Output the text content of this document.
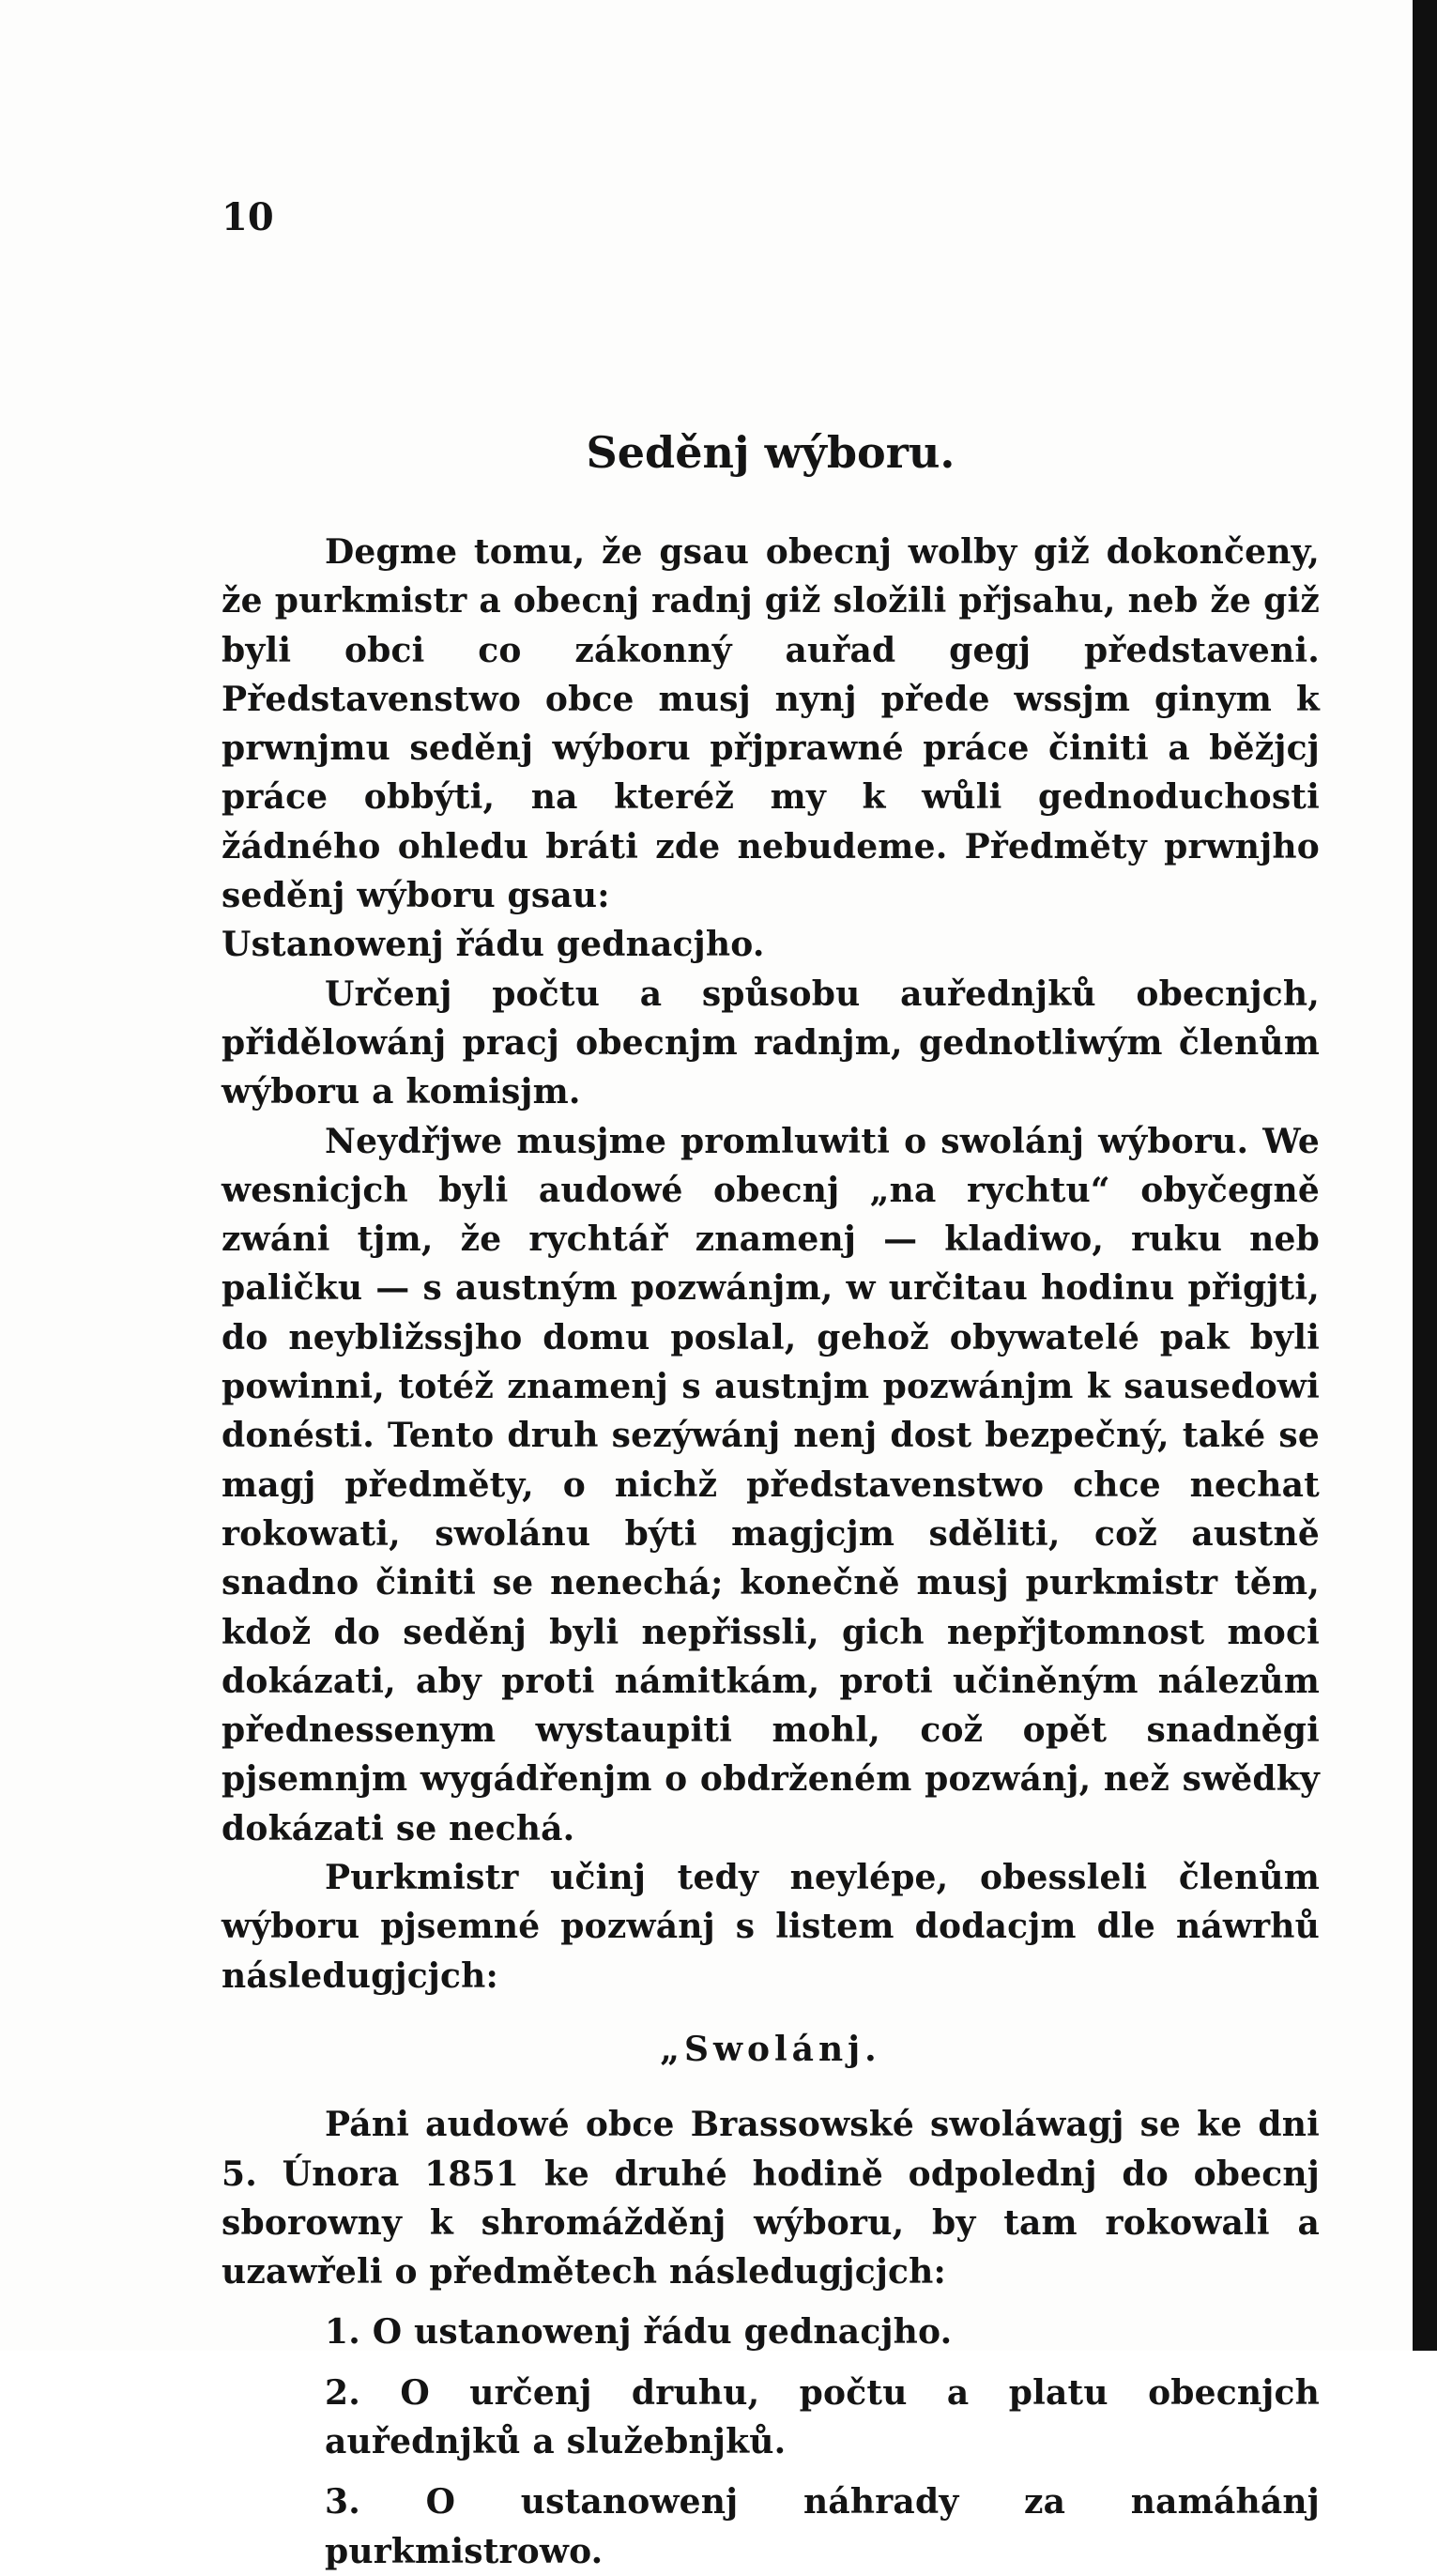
10
Seděnj wýboru.

Degme tomu, že gsau obecnj wolby giž dokončeny, že purkmistr a obecnj radnj giž složili přjsahu, neb že giž byli obci co zákonný auřad gegj představeni. Představenstwo obce musj nynj přede wssjm ginym k prwnjmu seděnj wýboru přjprawné práce činiti a běžjcj práce obbýti, na kteréž my k wůli gednoduchosti žádného ohledu bráti zde nebudeme. Předměty prwnjho seděnj wýboru gsau:

Ustanowenj řádu gednacjho.

Určenj počtu a spůsobu auřednjků obecnjch, přidělowánj pracj obecnjm radnjm, gednotliwým členům wýboru a komisjm.

Neydřjwe musjme promluwiti o swolánj wýboru. We wesnicjch byli audowé obecnj „na rychtu“ obyčegně zwáni tjm, že rychtář znamenj — kladiwo, ruku neb paličku — s austným pozwánjm, w určitau hodinu přigjti, do neybližssjho domu poslal, gehož obywatelé pak byli powinni, totéž znamenj s austnjm pozwánjm k sausedowi donésti. Tento druh sezýwánj nenj dost bezpečný, také se magj předměty, o nichž představenstwo chce nechat rokowati, swolánu býti magjcjm sděliti, což austně snadno činiti se nenechá; konečně musj purkmistr těm, kdož do seděnj byli nepřissli, gich nepřjtomnost moci dokázati, aby proti námitkám, proti učiněným nálezům přednessenym wystaupiti mohl, což opět snadněgi pjsemnjm wygádřenjm o obdrženém pozwánj, než swědky dokázati se nechá.

Purkmistr učinj tedy neylépe, obessleli členům wýboru pjsemné pozwánj s listem dodacjm dle náwrhů následugjcjch:

„Swolánj.

Páni audowé obce Brassowské swoláwagj se ke dni 5. Února 1851 ke druhé hodině odpolednj do obecnj sborowny k shromážděnj wýboru, by tam rokowali a uzawřeli o předmětech následugjcjch:

1. O ustanowenj řádu gednacjho.

2. O určenj druhu, počtu a platu obecnjch auřednjků a služebnjků.

3. O ustanowenj náhrady za namáhánj purkmistrowo.
